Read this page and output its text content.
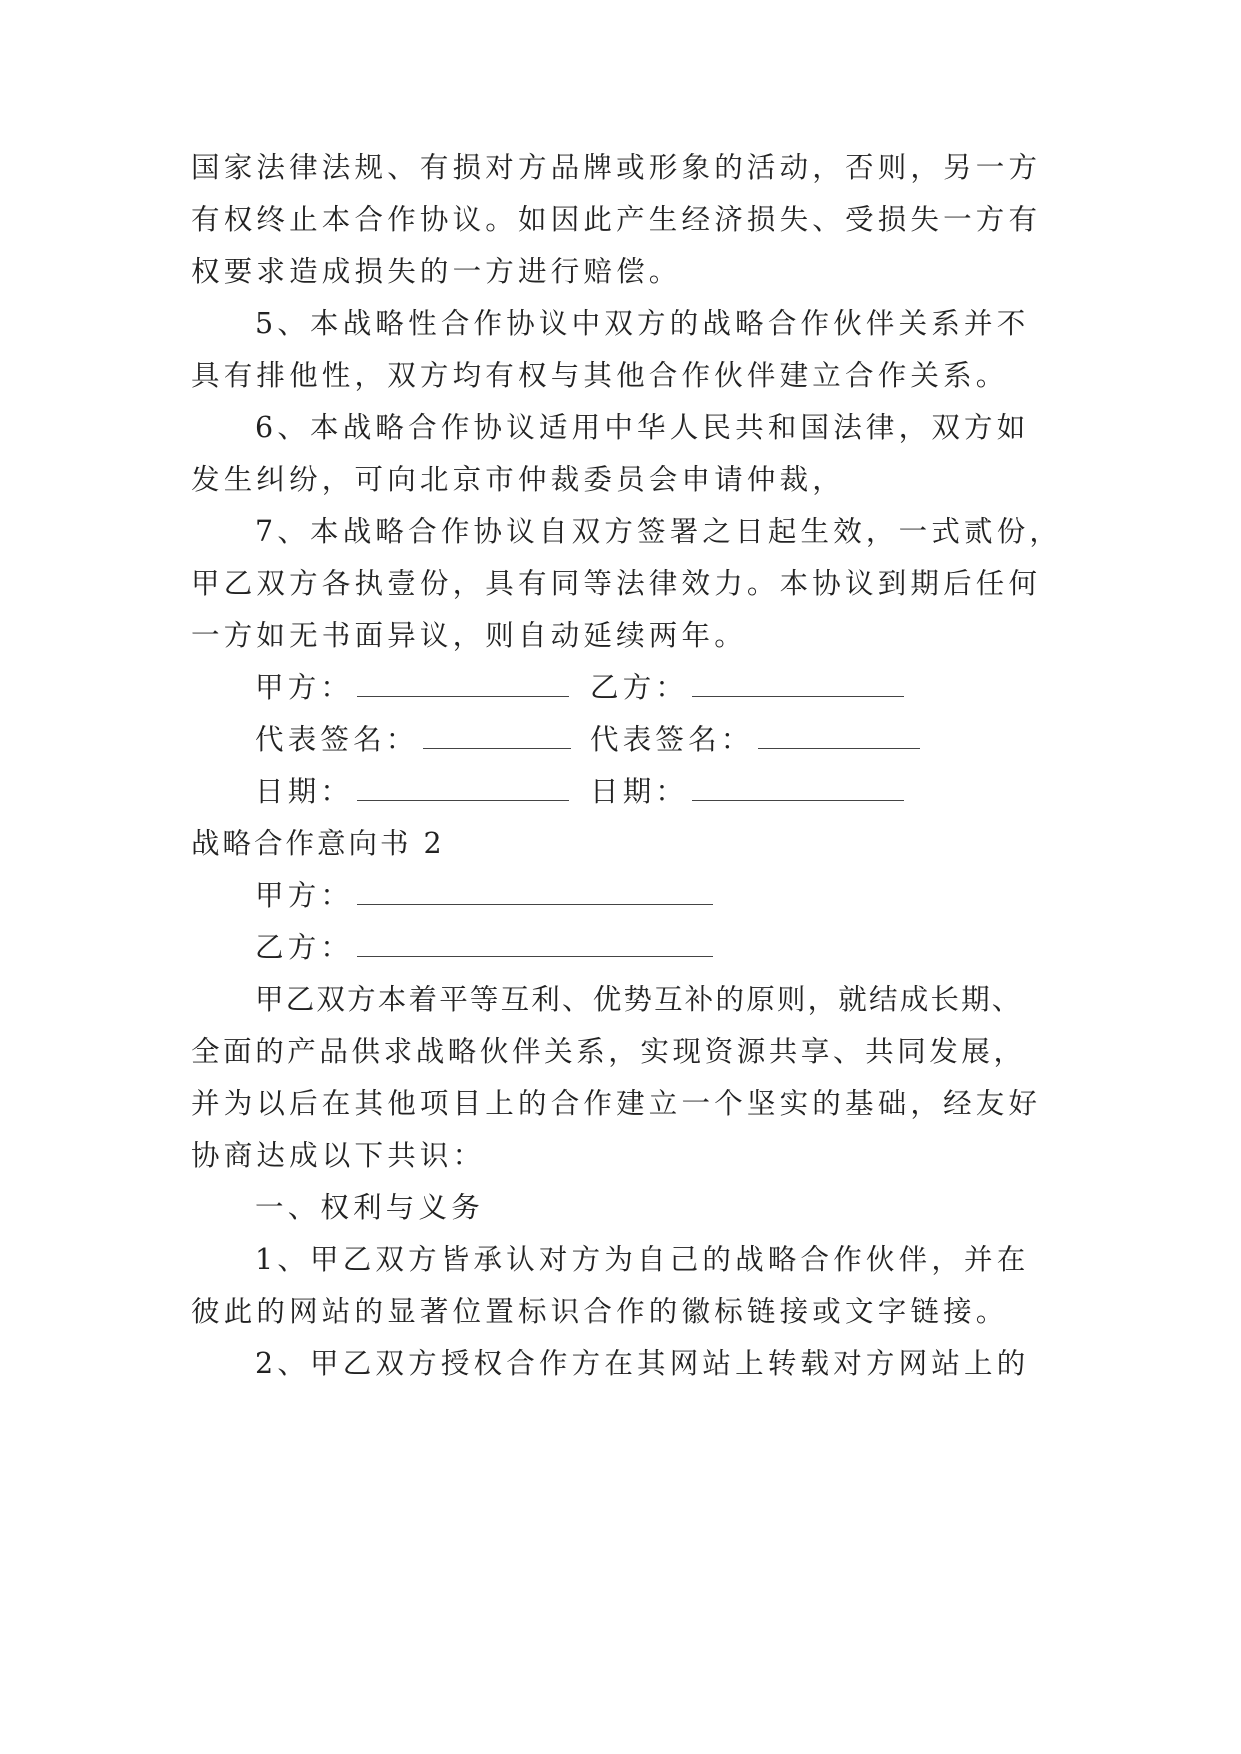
国家法律法规、有损对方品牌或形象的活动，否则，另一方
有权终止本合作协议。如因此产生经济损失、受损失一方有
权要求造成损失的一方进行赔偿。
5、本战略性合作协议中双方的战略合作伙伴关系并不
具有排他性，双方均有权与其他合作伙伴建立合作关系。
6、本战略合作协议适用中华人民共和国法律，双方如
发生纠纷，可向北京市仲裁委员会申请仲裁，
7、本战略合作协议自双方签署之日起生效，一式贰份，
甲乙双方各执壹份，具有同等法律效力。本协议到期后任何
一方如无书面异议，则自动延续两年。
甲方：	乙方：
代表签名：	代表签名：
日期：	日期：
战略合作意向书 2
甲方：
乙方：
甲乙双方本着平等互利、优势互补的原则，就结成长期、
全面的产品供求战略伙伴关系，实现资源共享、共同发展，
并为以后在其他项目上的合作建立一个坚实的基础，经友好
协商达成以下共识：
一、权利与义务
1、甲乙双方皆承认对方为自己的战略合作伙伴，并在
彼此的网站的显著位置标识合作的徽标链接或文字链接。
2、甲乙双方授权合作方在其网站上转载对方网站上的
